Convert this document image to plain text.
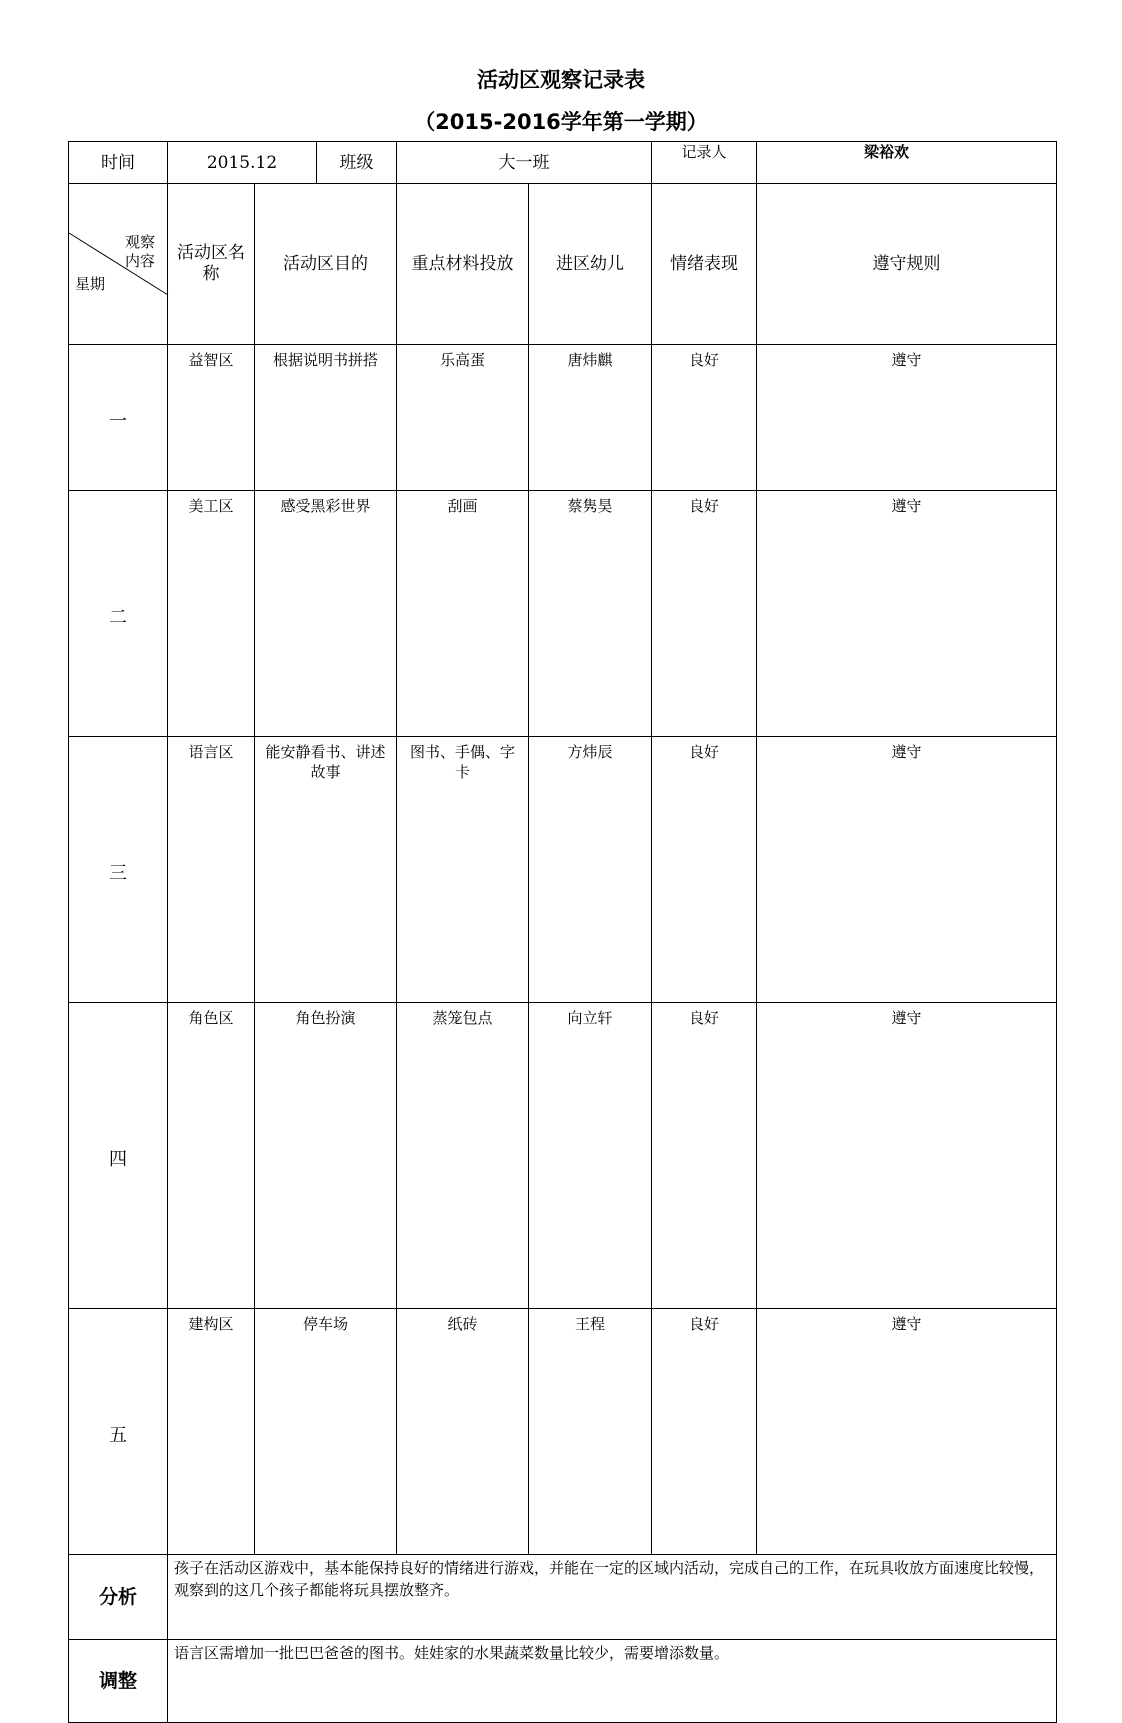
活动区观察记录表
（2015-2016学年第一学期）
时间	2015.12		班级	大一班		记录人	梁裕欢	

观察
内容
星期	活动区名称	活动区目的		重点材料投放	进区幼儿	情绪表现	遵守规则	
一	益智区	根据说明书拼搭		乐高蛋	唐炜麒	良好	遵守	
二	美工区	感受黑彩世界		刮画	蔡隽昊	良好	遵守	
三	语言区	能安静看书、讲述故事		图书、手偶、字卡	方炜辰	良好	遵守	
四	角色区	角色扮演		蒸笼包点	向立轩	良好	遵守	
五	建构区	停车场		纸砖	王程	良好	遵守	
分析	孩子在活动区游戏中，基本能保持良好的情绪进行游戏，并能在一定的区域内活动，完成自己的工作，在玩具收放方面速度比较慢，观察到的这几个孩子都能将玩具摆放整齐。							
调整	语言区需增加一批巴巴爸爸的图书。娃娃家的水果蔬菜数量比较少，需要增添数量。							
